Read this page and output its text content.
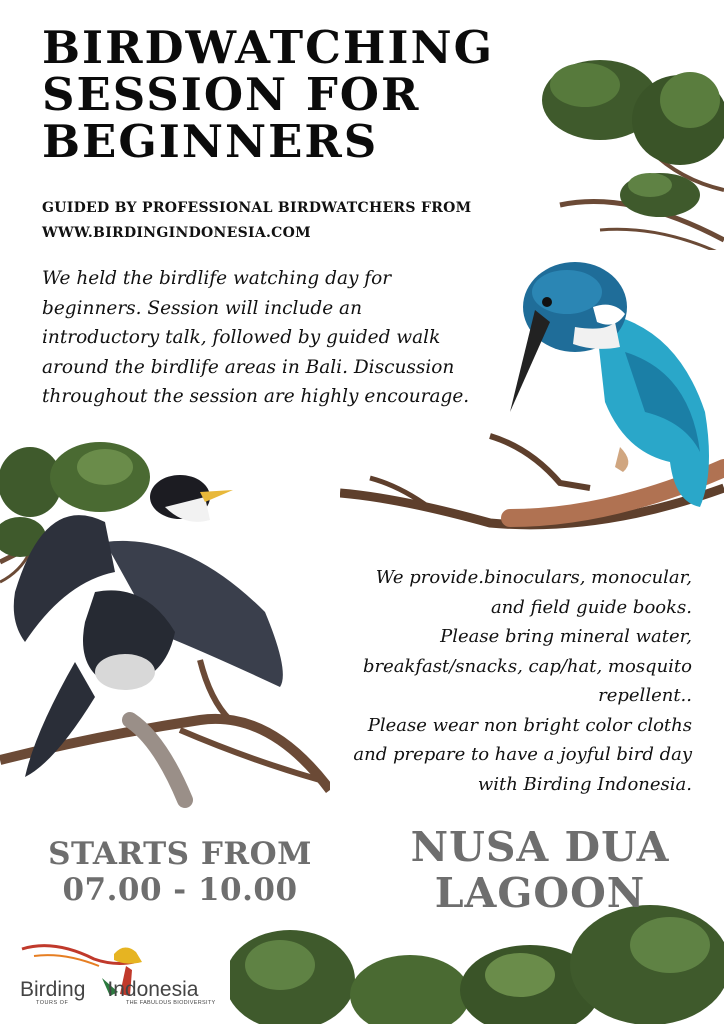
BIRDWATCHING
SESSION FOR
BEGINNERS
GUIDED BY PROFESSIONAL BIRDWATCHERS FROM
WWW.BIRDINGINDONESIA.COM
We held the birdlife watching day for
beginners. Session will include an
introductory talk, followed by guided walk
around the birdlife areas in Bali. Discussion
throughout the session are highly encourage.
We provide.binoculars, monocular,
and field guide books.
Please bring mineral water,
breakfast/snacks, cap/hat, mosquito
repellent..
Please wear non bright color cloths
and prepare to have a joyful bird day
with Birding Indonesia.
STARTS FROM
07.00 - 10.00
NUSA DUA
LAGOON
Birding Indonesia
TOURS OF	THE FABULOUS BIODIVERSITY
